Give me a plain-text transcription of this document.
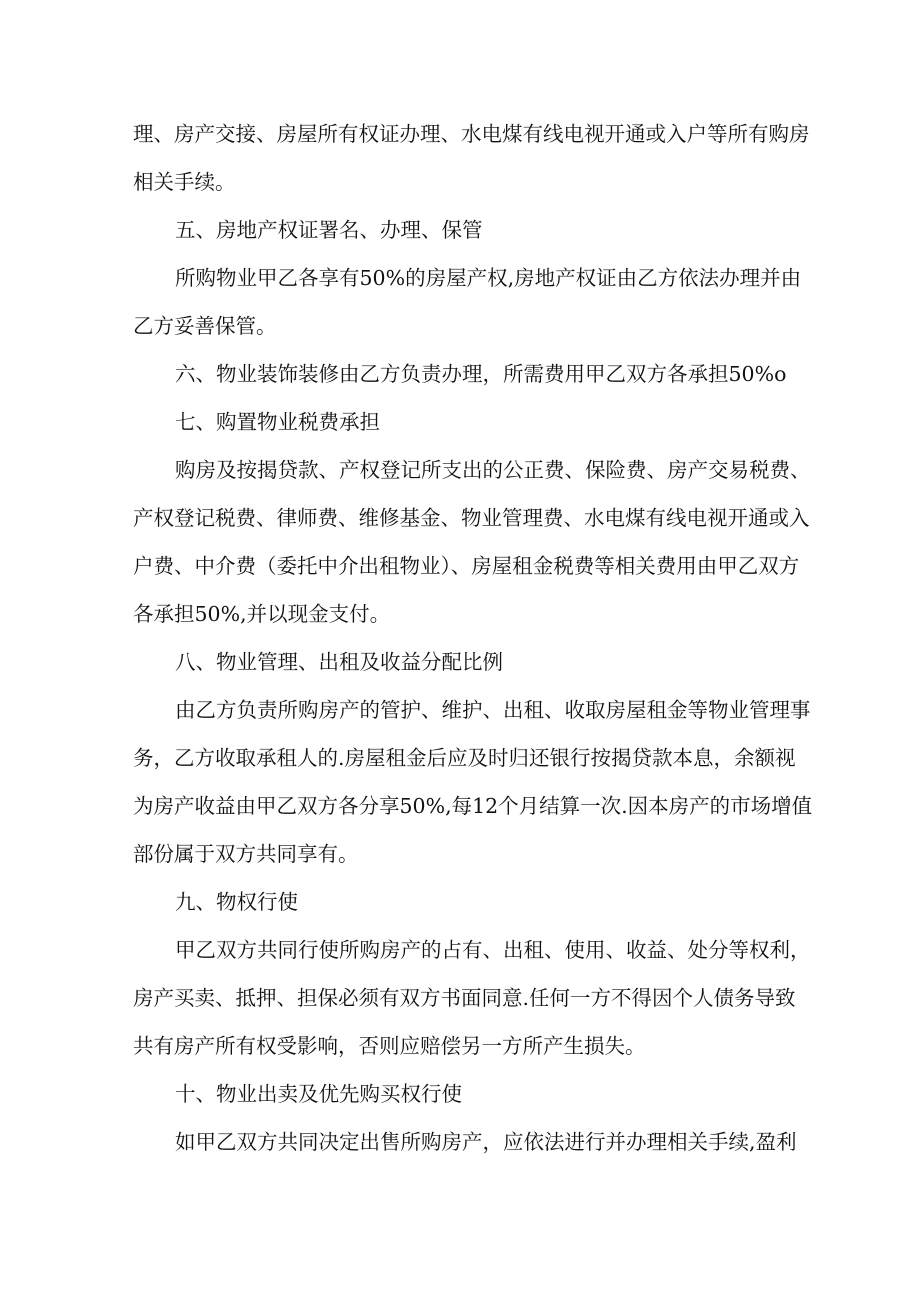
理、房产交接、房屋所有权证办理、水电煤有线电视开通或入户等所有购房
相关手续。
五、房地产权证署名、办理、保管
所购物业甲乙各享有50%的房屋产权,房地产权证由乙方依法办理并由
乙方妥善保管。
六、物业装饰装修由乙方负责办理，所需费用甲乙双方各承担50%o
七、购置物业税费承担
购房及按揭贷款、产权登记所支出的公正费、保险费、房产交易税费、
产权登记税费、律师费、维修基金、物业管理费、水电煤有线电视开通或入
户费、中介费（委托中介出租物业）、房屋租金税费等相关费用由甲乙双方
各承担50%,并以现金支付。
八、物业管理、出租及收益分配比例
由乙方负责所购房产的管护、维护、出租、收取房屋租金等物业管理事
务，乙方收取承租人的.房屋租金后应及时归还银行按揭贷款本息，余额视
为房产收益由甲乙双方各分享50%,每12个月结算一次.因本房产的市场增值
部份属于双方共同享有。
九、物权行使
甲乙双方共同行使所购房产的占有、出租、使用、收益、处分等权利，
房产买卖、抵押、担保必须有双方书面同意.任何一方不得因个人债务导致
共有房产所有权受影响，否则应赔偿另一方所产生损失。
十、物业出卖及优先购买权行使
如甲乙双方共同决定出售所购房产，应依法进行并办理相关手续,盈利
